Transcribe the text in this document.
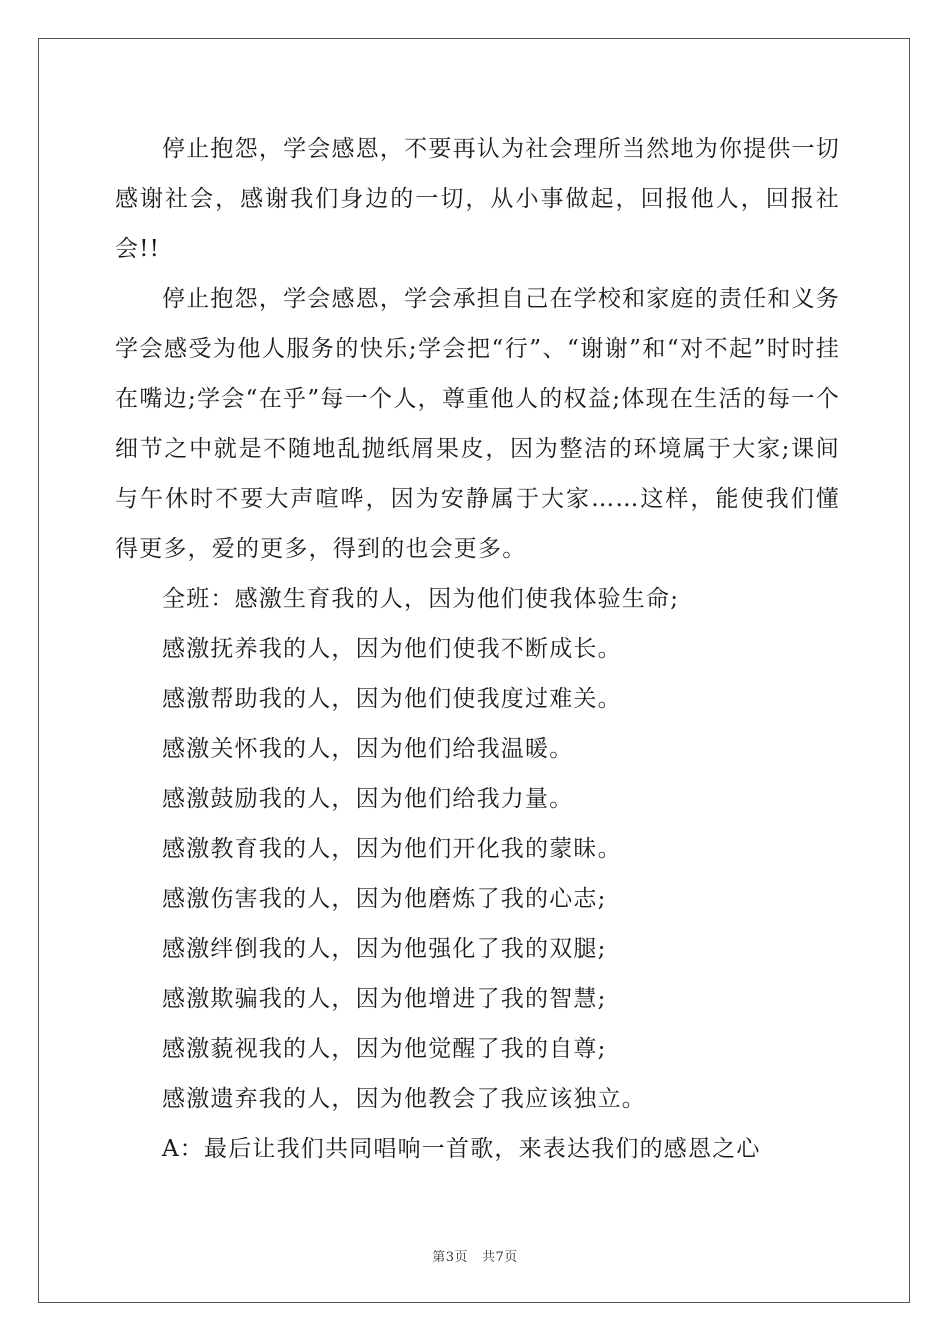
停止抱怨，学会感恩，不要再认为社会理所当然地为你提供一切感谢社会，感谢我们身边的一切，从小事做起，回报他人，回报社会!!

停止抱怨，学会感恩，学会承担自己在学校和家庭的责任和义务学会感受为他人服务的快乐;学会把“行”、“谢谢”和“对不起”时时挂在嘴边;学会“在乎”每一个人，尊重他人的权益;体现在生活的每一个细节之中就是不随地乱抛纸屑果皮，因为整洁的环境属于大家;课间与午休时不要大声喧哗，因为安静属于大家……这样，能使我们懂得更多，爱的更多，得到的也会更多。

全班：感激生育我的人，因为他们使我体验生命;

感激抚养我的人，因为他们使我不断成长。

感激帮助我的人，因为他们使我度过难关。

感激关怀我的人，因为他们给我温暖。

感激鼓励我的人，因为他们给我力量。

感激教育我的人，因为他们开化我的蒙昧。

感激伤害我的人，因为他磨炼了我的心志;

感激绊倒我的人，因为他强化了我的双腿;

感激欺骗我的人，因为他增进了我的智慧;

感激藐视我的人，因为他觉醒了我的自尊;

感激遗弃我的人，因为他教会了我应该独立。

A：最后让我们共同唱响一首歌，来表达我们的感恩之心

第3页 共7页
